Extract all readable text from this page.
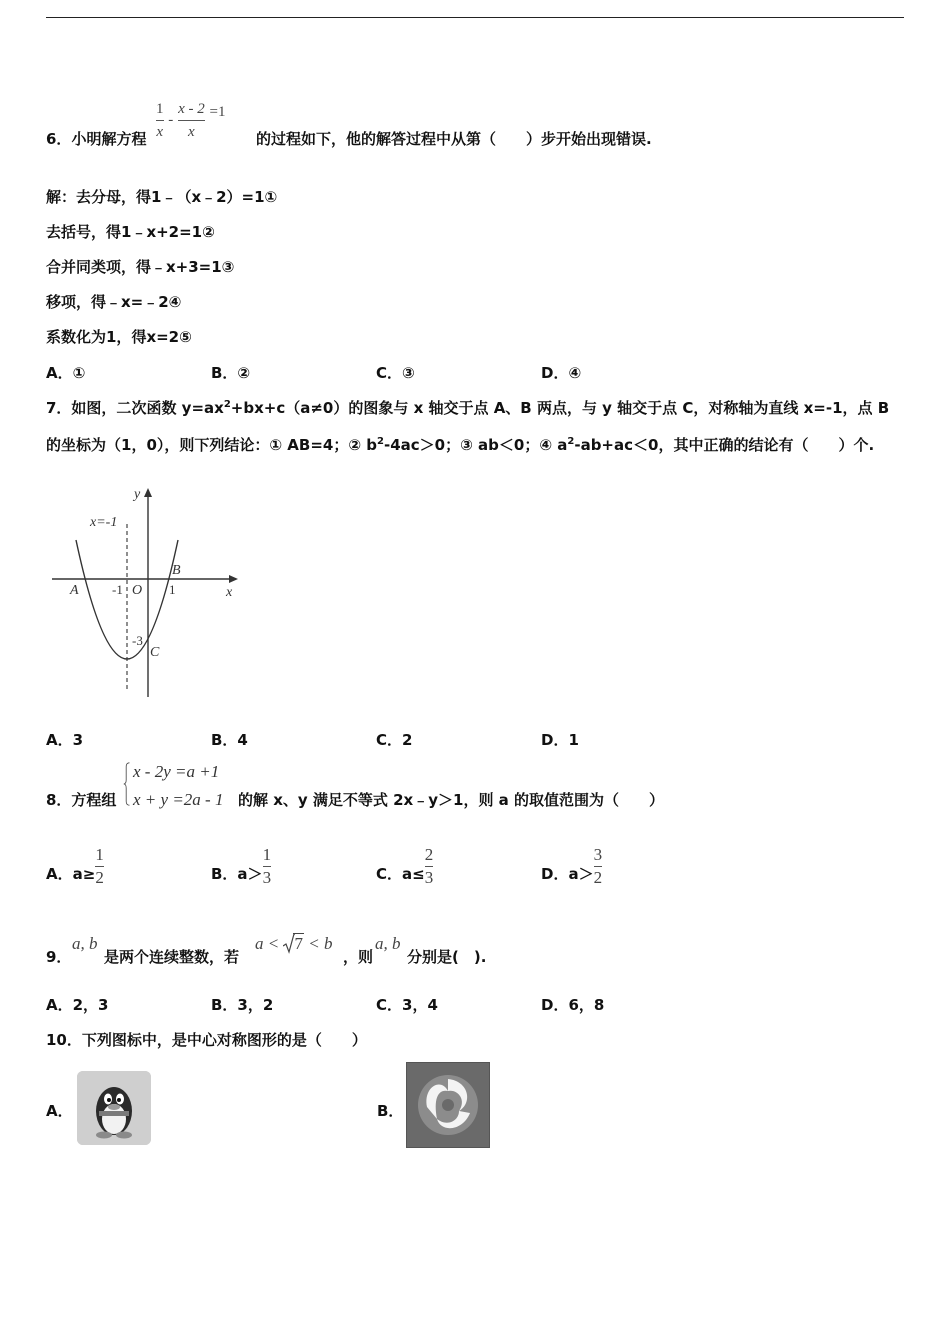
6．小明解方程 $\frac{1}{x} - \frac{x - 2}{x} =1$
的过程如下，他的解答过程中从第（　　）步开始出现错误.
解：去分母，得1﹣（x﹣2）=1①
去括号，得1﹣x+2=1②
合并同类项，得﹣x+3=1③
移项，得﹣x=﹣2④
系数化为1，得x=2⑤
A．①	B．②	C．③	D．④
7．如图，二次函数 $y=ax^2+bx+c(a\ne 0)$的图象与 x 轴交于点 A、B 两点，与 y 轴交于点 C，对称轴为直线 x=-1，点 B
的坐标为（1，0），则下列结论：① AB=4；② $b^2-4ac>0$；③ ab＜0；④ $a^2-ab+ac<0$，其中正确的结论有（　　）个.
x=-1
y
x
A
B
C
O
-1	1
-3
A．3	B．4	C．2	D．1
8．方程组
x - 2y =a +1
x + y =2a - 1 的解 x、y 满足不等式 2x﹣y＞1，则 a 的取值范围为（　　）
A．$a\ge \frac{1}{2}$	B．$a> \frac{1}{3}$	C．$a\le \frac{2}{3}$	D．$a> \frac{3}{2}$
9．
a, b
是两个连续整数，若
a < 7 < b
，则
a, b
分别是(　).
A．2，3	B．3，2	C．3，4	D．6，8
10．下列图标中，是中心对称图形的是（　　）
A．	B．
